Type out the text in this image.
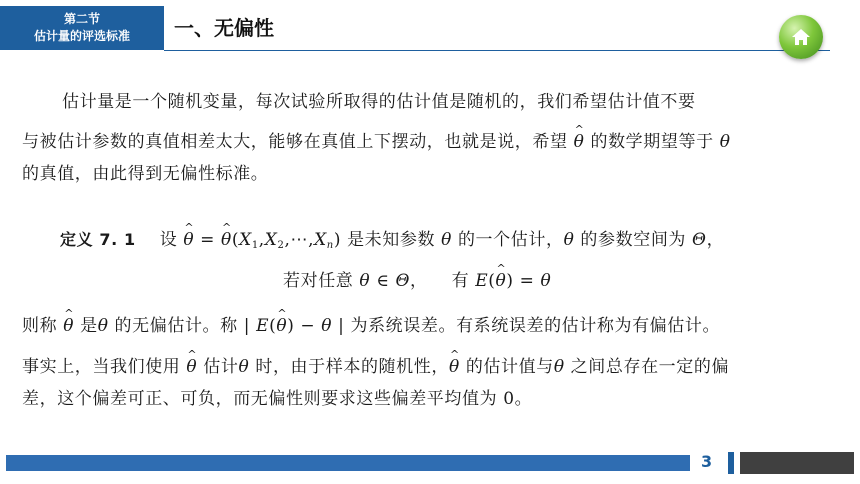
第二节
估计量的评选标准	一、无偏性
估计量是一个随机变量，每次试验所取得的估计值是随机的，我们希望估计值不要
与被估计参数的真值相差太大，能够在真值上下摆动，也就是说，希望 ^ θ 的数学期望等于 θ
的真值，由此得到无偏性标准。
定义 7. 1 设 ^ θ = ^ $\theta(X_1,X_2,\cdots,X_n)$ 是未知参数 θ 的一个估计，θ 的参数空间为 Θ，
若对任意 θ ∈ Θ，    有 E(^ θ) = θ
则称 ^ θ 是θ 的无偏估计。称 | E(^ θ) − θ | 为系统误差。有系统误差的估计称为有偏估计。
事实上，当我们使用 ^ θ 估计θ 时，由于样本的随机性，^ θ 的估计值与θ 之间总存在一定的偏
差，这个偏差可正、可负，而无偏性则要求这些偏差平均值为 0。
3
